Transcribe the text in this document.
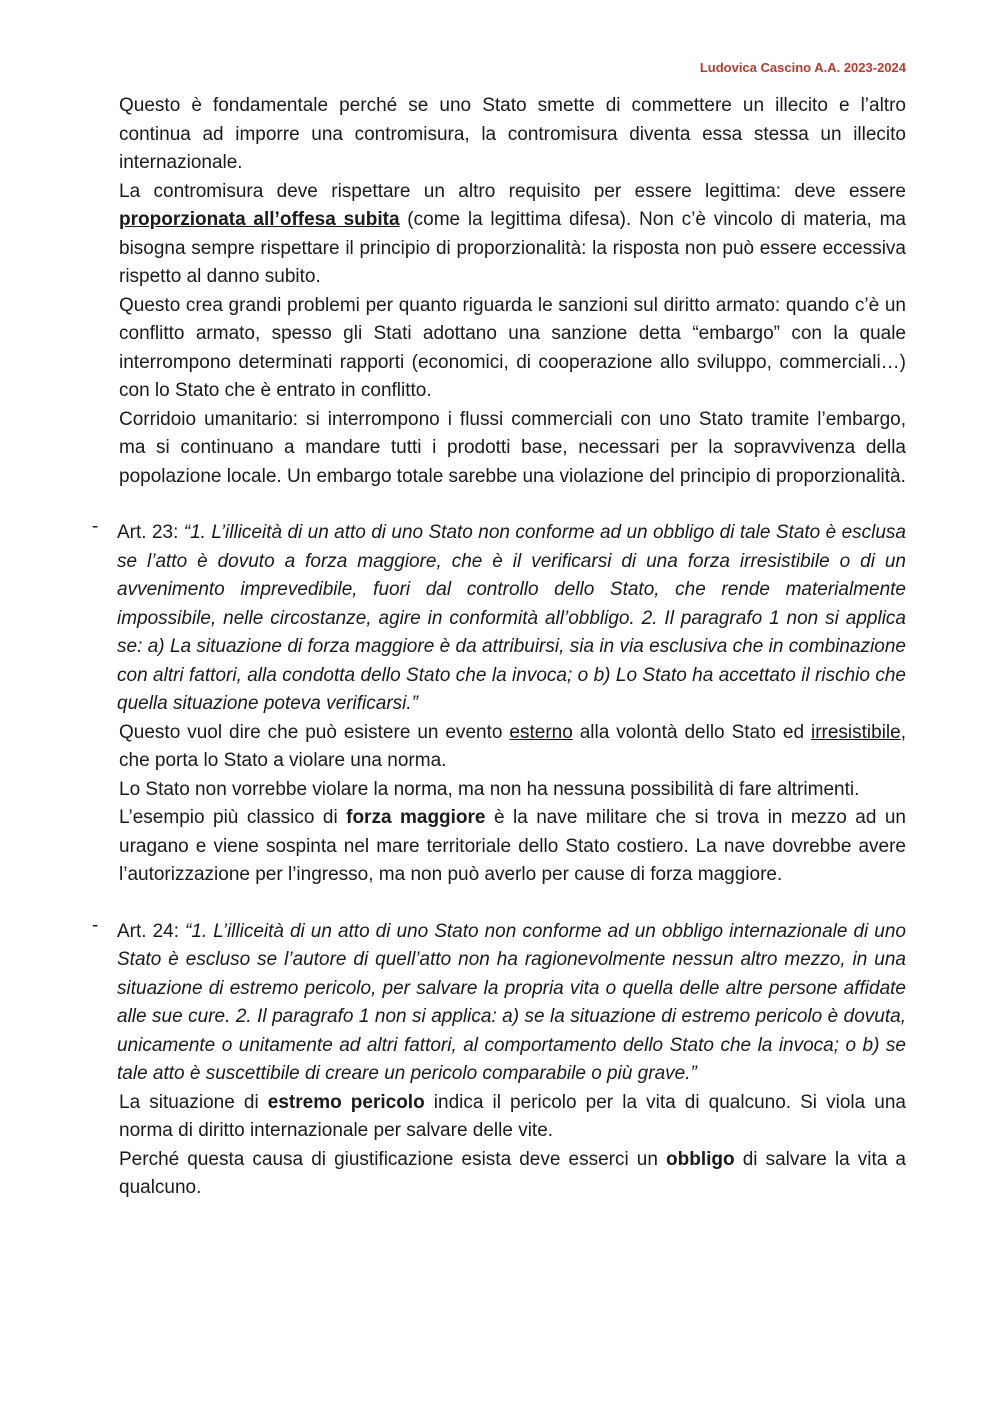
Ludovica Cascino A.A. 2023-2024

Questo è fondamentale perché se uno Stato smette di commettere un illecito e l’altro continua ad imporre una contromisura, la contromisura diventa essa stessa un illecito internazionale.

La contromisura deve rispettare un altro requisito per essere legittima: deve essere proporzionata all’offesa subita (come la legittima difesa). Non c’è vincolo di materia, ma bisogna sempre rispettare il principio di proporzionalità: la risposta non può essere eccessiva rispetto al danno subito.

Questo crea grandi problemi per quanto riguarda le sanzioni sul diritto armato: quando c’è un conflitto armato, spesso gli Stati adottano una sanzione detta “embargo” con la quale interrompono determinati rapporti (economici, di cooperazione allo sviluppo, commerciali…) con lo Stato che è entrato in conflitto.

Corridoio umanitario: si interrompono i flussi commerciali con uno Stato tramite l’embargo, ma si continuano a mandare tutti i prodotti base, necessari per la sopravvivenza della popolazione locale. Un embargo totale sarebbe una violazione del principio di proporzionalità.

- Art. 23: “1. L’illiceità di un atto di uno Stato non conforme ad un obbligo di tale Stato è esclusa se l’atto è dovuto a forza maggiore, che è il verificarsi di una forza irresistibile o di un avvenimento imprevedibile, fuori dal controllo dello Stato, che rende materialmente impossibile, nelle circostanze, agire in conformità all’obbligo. 2. Il paragrafo 1 non si applica se: a) La situazione di forza maggiore è da attribuirsi, sia in via esclusiva che in combinazione con altri fattori, alla condotta dello Stato che la invoca; o b) Lo Stato ha accettato il rischio che quella situazione poteva verificarsi.”

Questo vuol dire che può esistere un evento esterno alla volontà dello Stato ed irresistibile, che porta lo Stato a violare una norma.

Lo Stato non vorrebbe violare la norma, ma non ha nessuna possibilità di fare altrimenti.

L’esempio più classico di forza maggiore è la nave militare che si trova in mezzo ad un uragano e viene sospinta nel mare territoriale dello Stato costiero. La nave dovrebbe avere l’autorizzazione per l’ingresso, ma non può averlo per cause di forza maggiore.

- Art. 24: “1. L’illiceità di un atto di uno Stato non conforme ad un obbligo internazionale di uno Stato è escluso se l’autore di quell’atto non ha ragionevolmente nessun altro mezzo, in una situazione di estremo pericolo, per salvare la propria vita o quella delle altre persone affidate alle sue cure. 2. Il paragrafo 1 non si applica: a) se la situazione di estremo pericolo è dovuta, unicamente o unitamente ad altri fattori, al comportamento dello Stato che la invoca; o b) se tale atto è suscettibile di creare un pericolo comparabile o più grave.”

La situazione di estremo pericolo indica il pericolo per la vita di qualcuno. Si viola una norma di diritto internazionale per salvare delle vite.

Perché questa causa di giustificazione esista deve esserci un obbligo di salvare la vita a qualcuno.
